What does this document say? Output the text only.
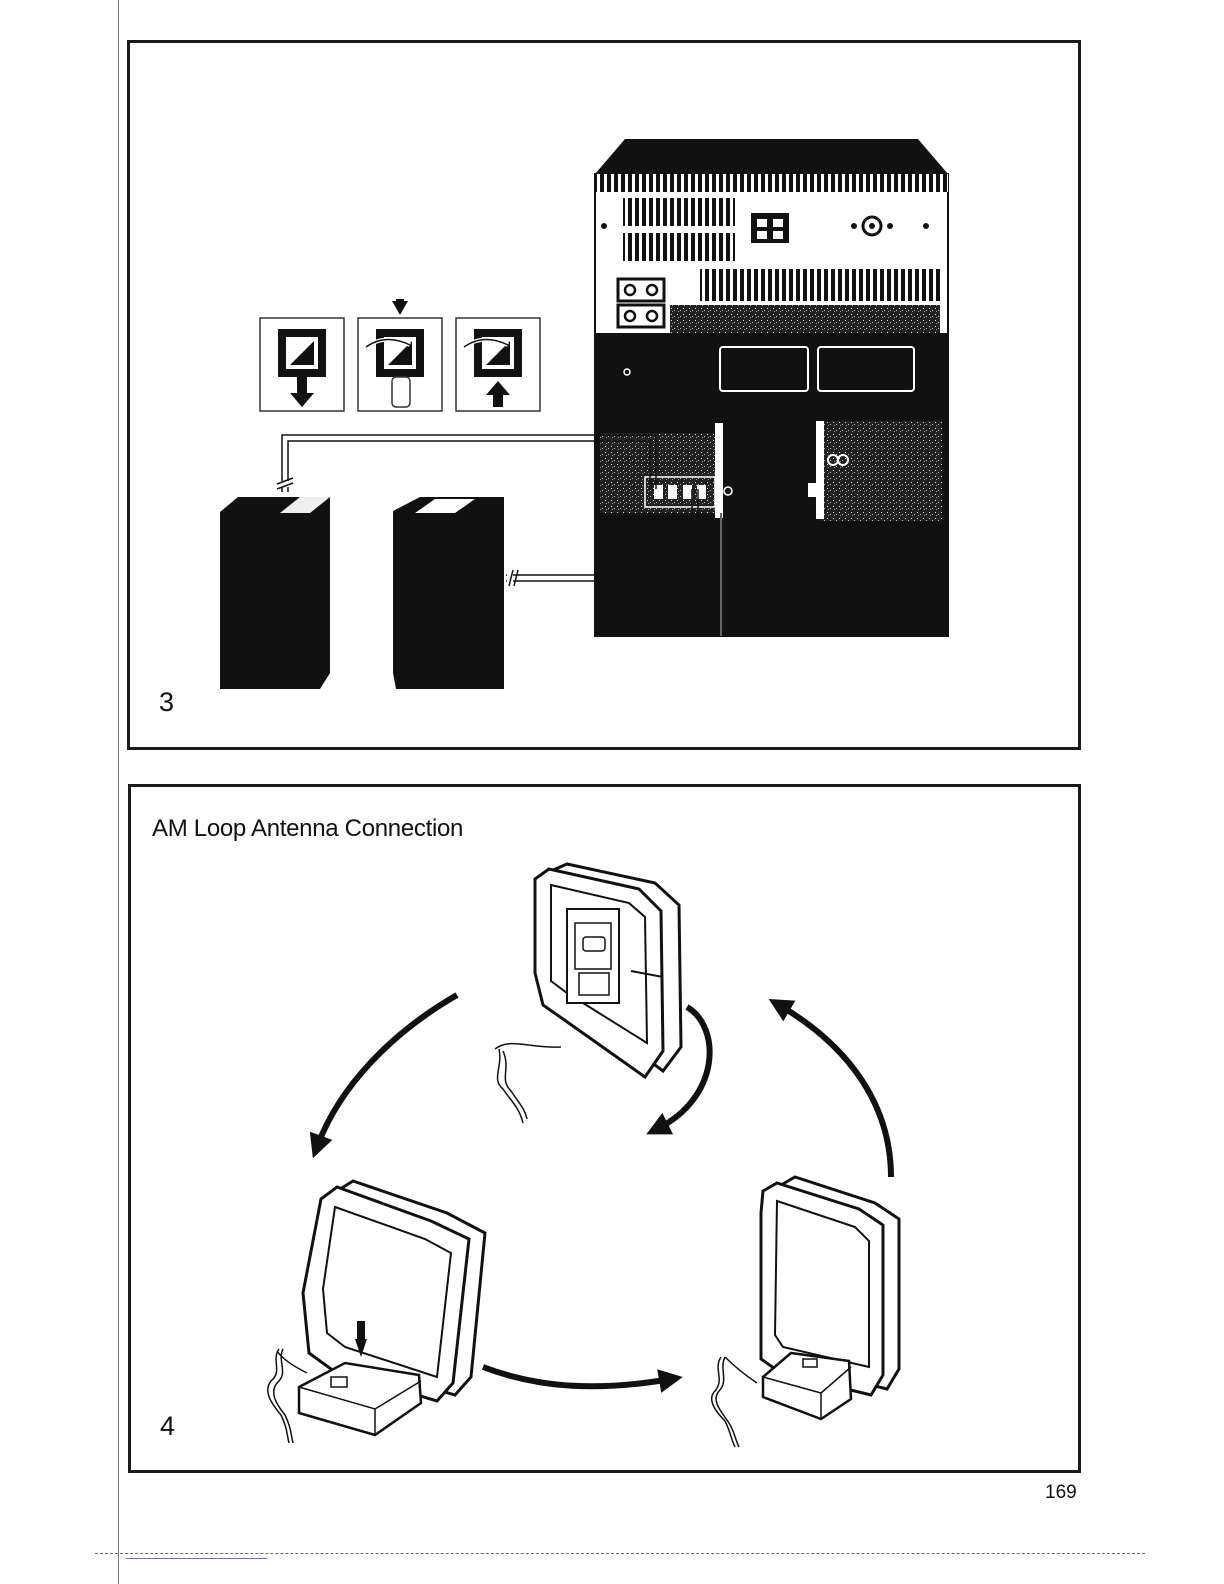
3
AM Loop Antenna Connection
4
169
